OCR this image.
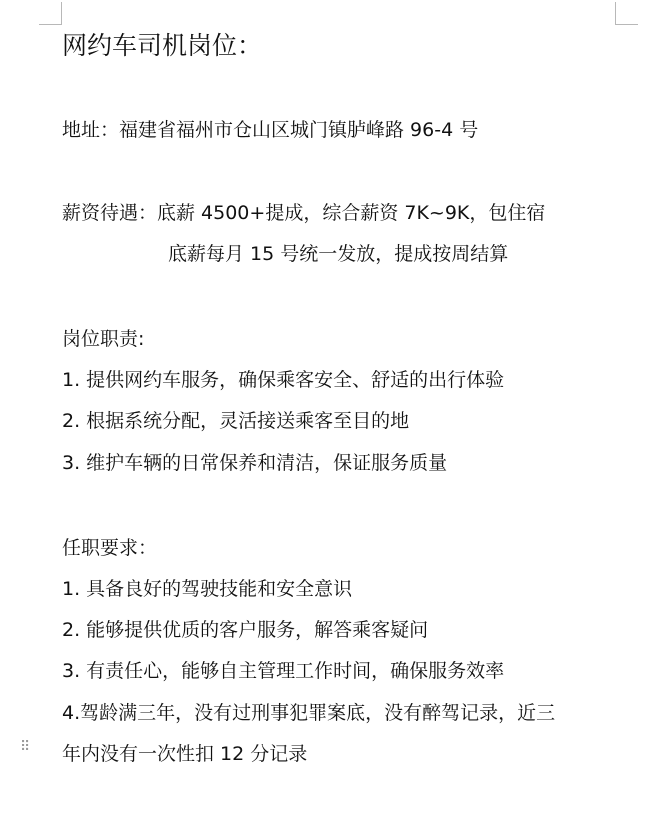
网约车司机岗位：
地址：福建省福州市仓山区城门镇胪峰路 96-4 号
薪资待遇：底薪 4500+提成，综合薪资 7K~9K，包住宿
底薪每月 15 号统一发放，提成按周结算
岗位职责:
1. 提供网约车服务，确保乘客安全、舒适的出行体验
2. 根据系统分配，灵活接送乘客至目的地
3. 维护车辆的日常保养和清洁，保证服务质量
任职要求：
1. 具备良好的驾驶技能和安全意识
2. 能够提供优质的客户服务，解答乘客疑问
3. 有责任心，能够自主管理工作时间，确保服务效率
4.驾龄满三年，没有过刑事犯罪案底，没有醉驾记录，近三
年内没有一次性扣 12 分记录
⠿
